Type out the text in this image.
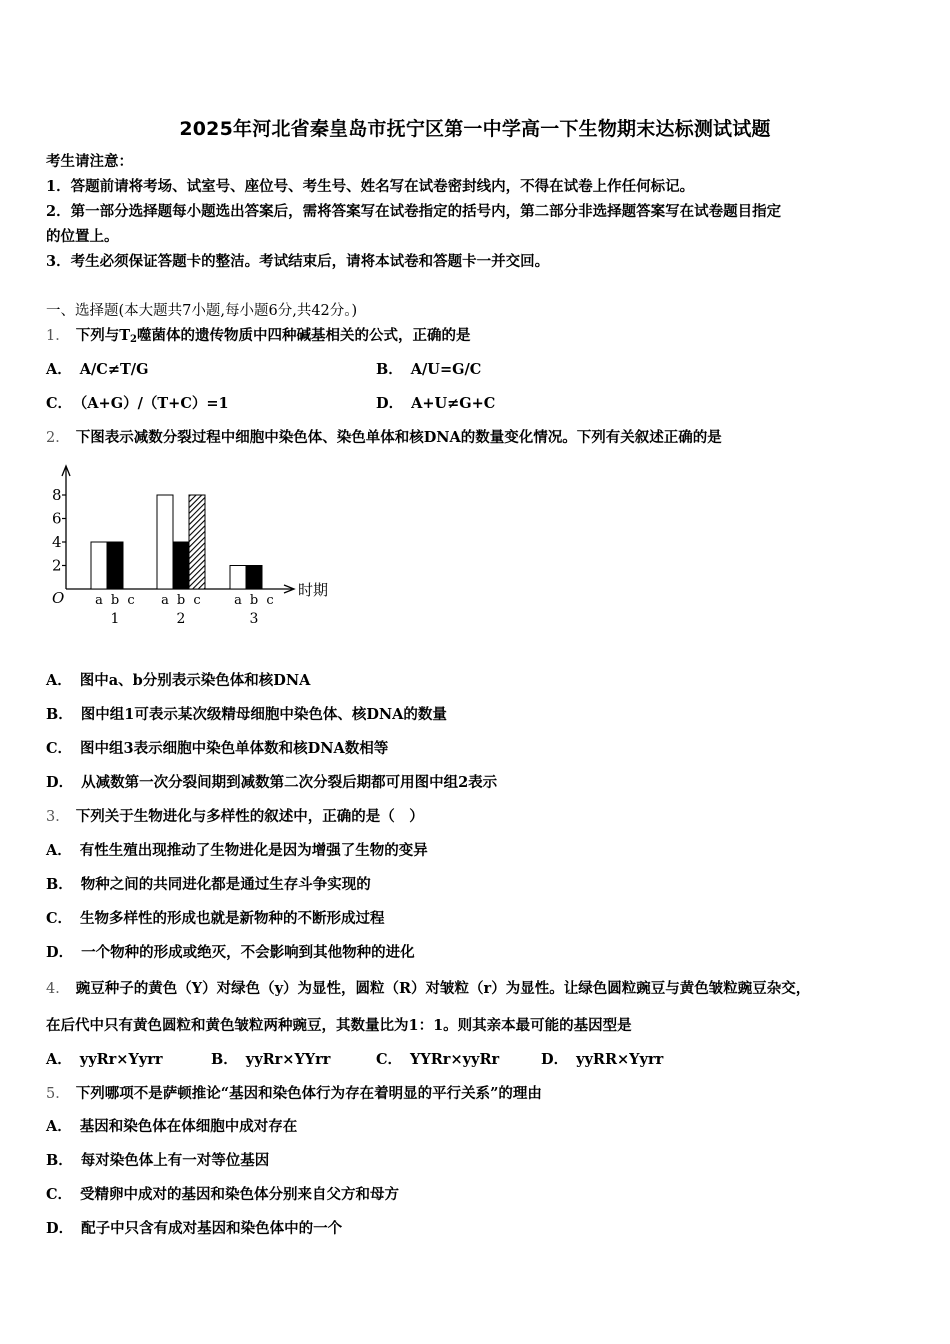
2025年河北省秦皇岛市抚宁区第一中学高一下生物期末达标测试试题
考生请注意：
1．答题前请将考场、试室号、座位号、考生号、姓名写在试卷密封线内，不得在试卷上作任何标记。
2．第一部分选择题每小题选出答案后，需将答案写在试卷指定的括号内，第二部分非选择题答案写在试卷题目指定
的位置上。
3．考生必须保证答题卡的整洁。考试结束后，请将本试卷和答题卡一并交回。
一、选择题(本大题共7小题,每小题6分,共42分。)
1． 下列与$T_2$噬菌体的遗传物质中四种碱基相关的公式，正确的是
A． A/C≠T/G	B． A/U=G/C
C． （A+G）/（T+C）=1	D． A+U≠G+C
2． 下图表示减数分裂过程中细胞中染色体、染色单体和核DNA的数量变化情况。下列有关叙述正确的是
时期
O
2
4
6
8
a b c
1
a b c
2
a b c
3
A． 图中a、b分别表示染色体和核DNA
B． 图中组1可表示某次级精母细胞中染色体、核DNA的数量
C． 图中组3表示细胞中染色单体数和核DNA数相等
D． 从减数第一次分裂间期到减数第二次分裂后期都可用图中组2表示
3． 下列关于生物进化与多样性的叙述中，正确的是（　）
A． 有性生殖出现推动了生物进化是因为增强了生物的变异
B． 物种之间的共同进化都是通过生存斗争实现的
C． 生物多样性的形成也就是新物种的不断形成过程
D． 一个物种的形成或绝灭，不会影响到其他物种的进化
4． 豌豆种子的黄色（Y）对绿色（y）为显性，圆粒（R）对皱粒（r）为显性。让绿色圆粒豌豆与黄色皱粒豌豆杂交，
在后代中只有黄色圆粒和黄色皱粒两种豌豆，其数量比为1：1。则其亲本最可能的基因型是
A． yyRr×Yyrr	B． yyRr×YYrr	C． YYRr×yyRr	D． yyRR×Yyrr
5． 下列哪项不是萨顿推论“基因和染色体行为存在着明显的平行关系”的理由
A． 基因和染色体在体细胞中成对存在
B． 每对染色体上有一对等位基因
C． 受精卵中成对的基因和染色体分别来自父方和母方
D． 配子中只含有成对基因和染色体中的一个
